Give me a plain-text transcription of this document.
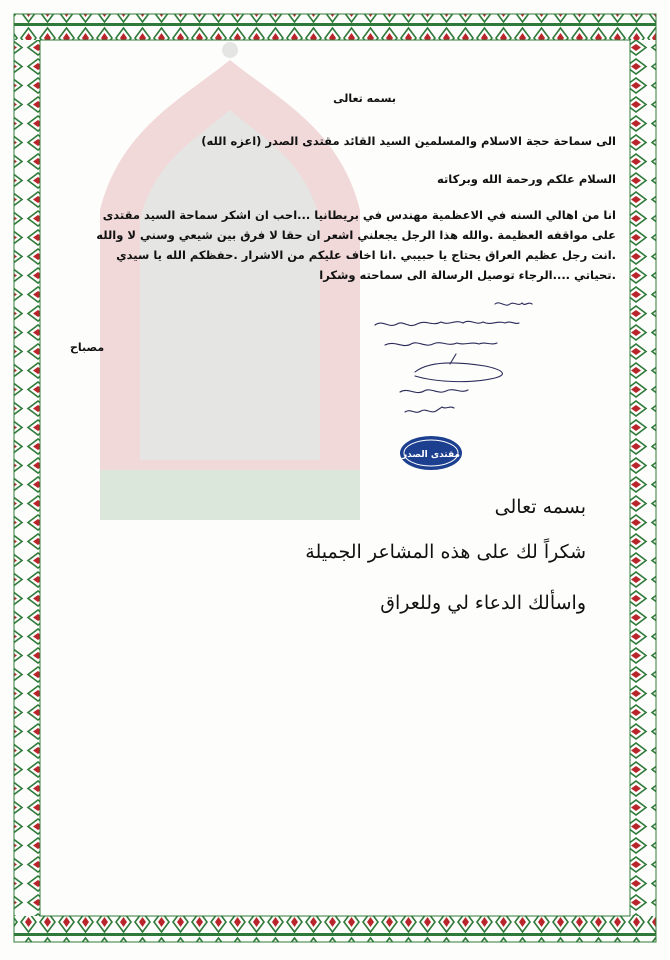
بسمه تعالى

الى سماحة حجة الاسلام والمسلمين السيد القائد مقتدى الصدر (اعزه الله)

السلام علكم ورحمة الله وبركاته

انا من اهالي السنه في الاعظمية مهندس في بريطانيا ...احب ان اشكر سماحة السيد مقتدى
على مواقفه العظيمة .والله هذا الرجل يجعلني اشعر ان حقا لا فرق بين شيعي وسني لا والله
.انت رجل عظيم العراق يحتاج يا حبيبي .انا اخاف عليكم من الاشرار .حفظكم الله يا سيدي
.تحياتي ....الرجاء توصيل الرسالة الى سماحته وشكرا
مصباح
مقتدى الصدر
بسمه تعالى
شكراً لك على هذه المشاعر الجميلة
واسألك الدعاء لي وللعراق
